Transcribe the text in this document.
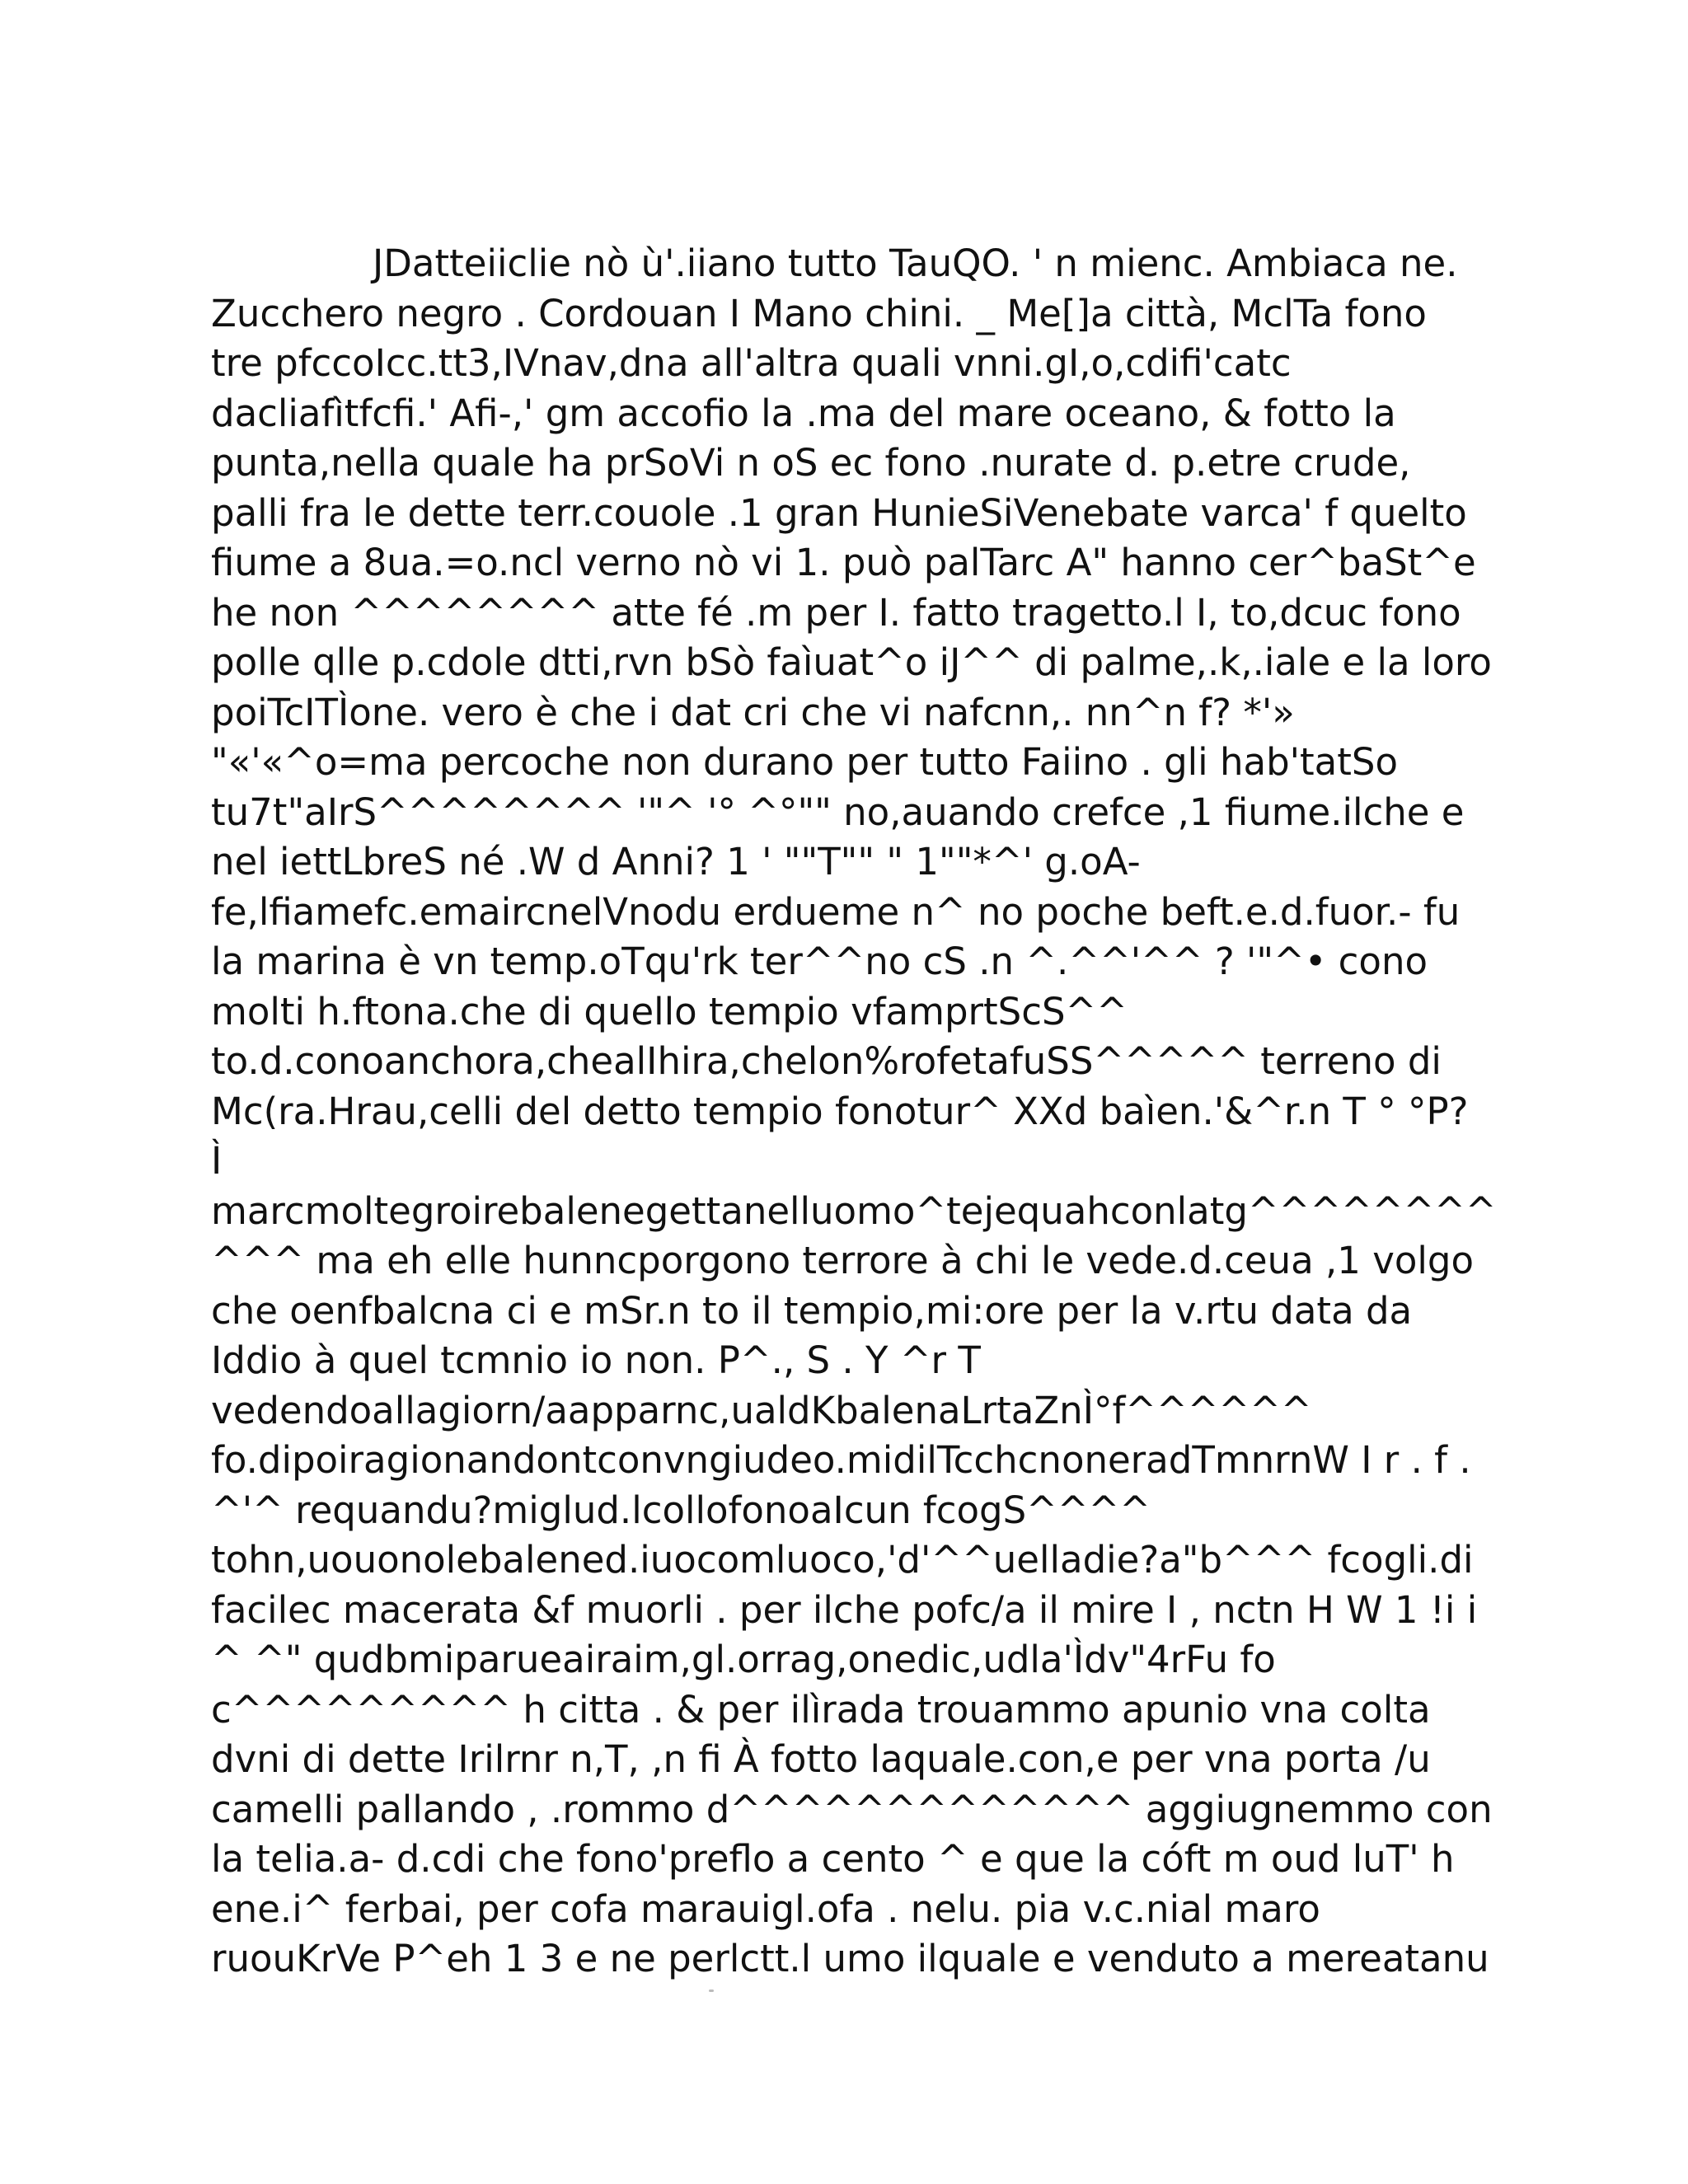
JDatteiiclie nò ù'.iiano tutto TauQO. ' n mienc. Ambiaca ne.
Zucchero negro . Cordouan I Mano chini. _ Me[]a città, MclTa fono
tre pfccoIcc.tt3,IVnav,dna all'altra quali vnni.gI,o,cdifi'catc
dacliafìtfcfi.' Afi-,' gm accofio la .ma del mare oceano, & fotto la
punta,nella quale ha prSoVi n oS ec fono .nurate d. p.etre crude,
palli fra le dette terr.couole .1 gran HunieSiVenebate varca' f quelto
fiume a 8ua.=o.ncl verno nò vi 1. può palTarc A" hanno cer^baSt^e
he non ^^^^^^^^ atte fé .m per I. fatto tragetto.l I, to,dcuc fono
polle qlle p.cdole dtti,rvn bSò faìuat^o iJ^^ di palme,.k,.iale e la loro
poiTcITÌone. vero è che i dat cri che vi nafcnn,. nn^n f? *'»
"«'«^o=ma percoche non durano per tutto Faiino . gli hab'tatSo
tu7t"aIrS^^^^^^^^ '"^ '° ^°"" no,auando crefce ,1 fiume.ilche e
nel iettLbreS né .W d Anni? 1 ' ""T"" " 1""*^' g.oA-
fe,lfiamefc.emaircnelVnodu erdueme n^ no poche beft.e.d.fuor.- fu
la marina è vn temp.oTqu'rk ter^^no cS .n ^.^^'^^ ? '"^• cono
molti h.ftona.che di quello tempio vfamprtScS^^
to.d.conoanchora,chealIhira,chelon%rofetafuSS^^^^^ terreno di
Mc(ra.Hrau,celli del detto tempio fonotur^ XXd baìen.'&^r.n T ° °P?
Ì
marcmoltegroirebalenegettanelluomo^tejequahconlatg^^^^^^^^
^^^ ma eh elle hunncporgono terrore à chi le vede.d.ceua ,1 volgo
che oenfbalcna ci e mSr.n to il tempio,mi:ore per la v.rtu data da
Iddio à quel tcmnio io non. P^., S . Y ^r T
vedendoallagiorn/aapparnc,ualdKbalenaLrtaZnÌ°f^^^^^^
fo.dipoiragionandontconvngiudeo.midilTcchcnoneradTmnrnW I r . f .
^'^ requandu?miglud.lcollofonoaIcun fcogS^^^^
tohn,uouonolebalened.iuocomluoco,'d'^^uelladie?a"b^^^ fcogli.di
facilec macerata &f muorli . per ilche pofc/a il mire I , nctn H W 1 !i i
^ ^" qudbmiparueairaim,gl.orrag,onedic,udla'Ìdv"4rFu fo
c^^^^^^^^^ h citta . & per ilìrada trouammo apunio vna colta
dvni di dette Irilrnr n,T, ,n fi À fotto laquale.con,e per vna porta /u
camelli pallando , .rommo d^^^^^^^^^^^^^ aggiugnemmo con
la telia.a- d.cdi che fono'preflo a cento ^ e que la cóft m oud luT' h
ene.i^ ferbai, per cofa marauigl.ofa . nelu. pia v.c.nial maro
ruouKrVe P^eh 1 3 e ne perlctt.l umo ilquale e venduto a mereatanu
